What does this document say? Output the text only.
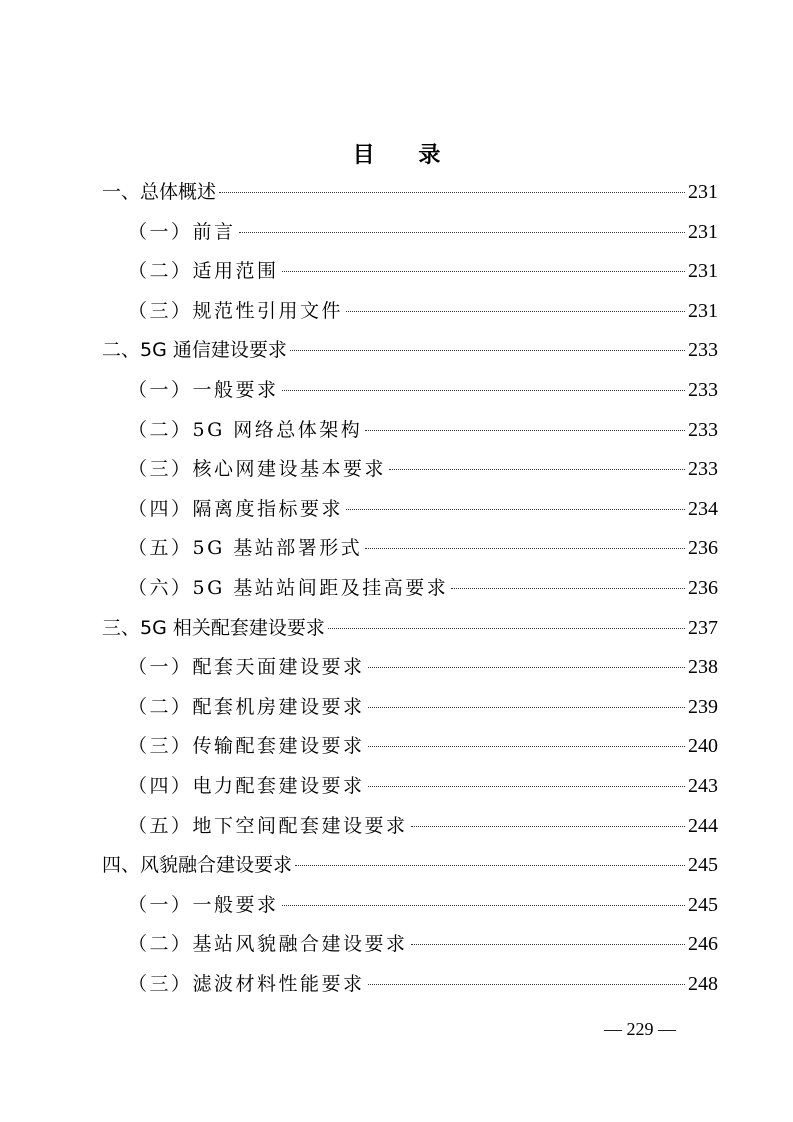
目 录
一、总体概述	231
（一）前言	231
（二）适用范围	231
（三）规范性引用文件	231
二、5G 通信建设要求	233
（一）一般要求	233
（二）5G 网络总体架构	233
（三）核心网建设基本要求	233
（四）隔离度指标要求	234
（五）5G 基站部署形式	236
（六）5G 基站站间距及挂高要求	236
三、5G 相关配套建设要求	237
（一）配套天面建设要求	238
（二）配套机房建设要求	239
（三）传输配套建设要求	240
（四）电力配套建设要求	243
（五）地下空间配套建设要求	244
四、风貌融合建设要求	245
（一）一般要求	245
（二）基站风貌融合建设要求	246
（三）滤波材料性能要求	248
— 229 —
